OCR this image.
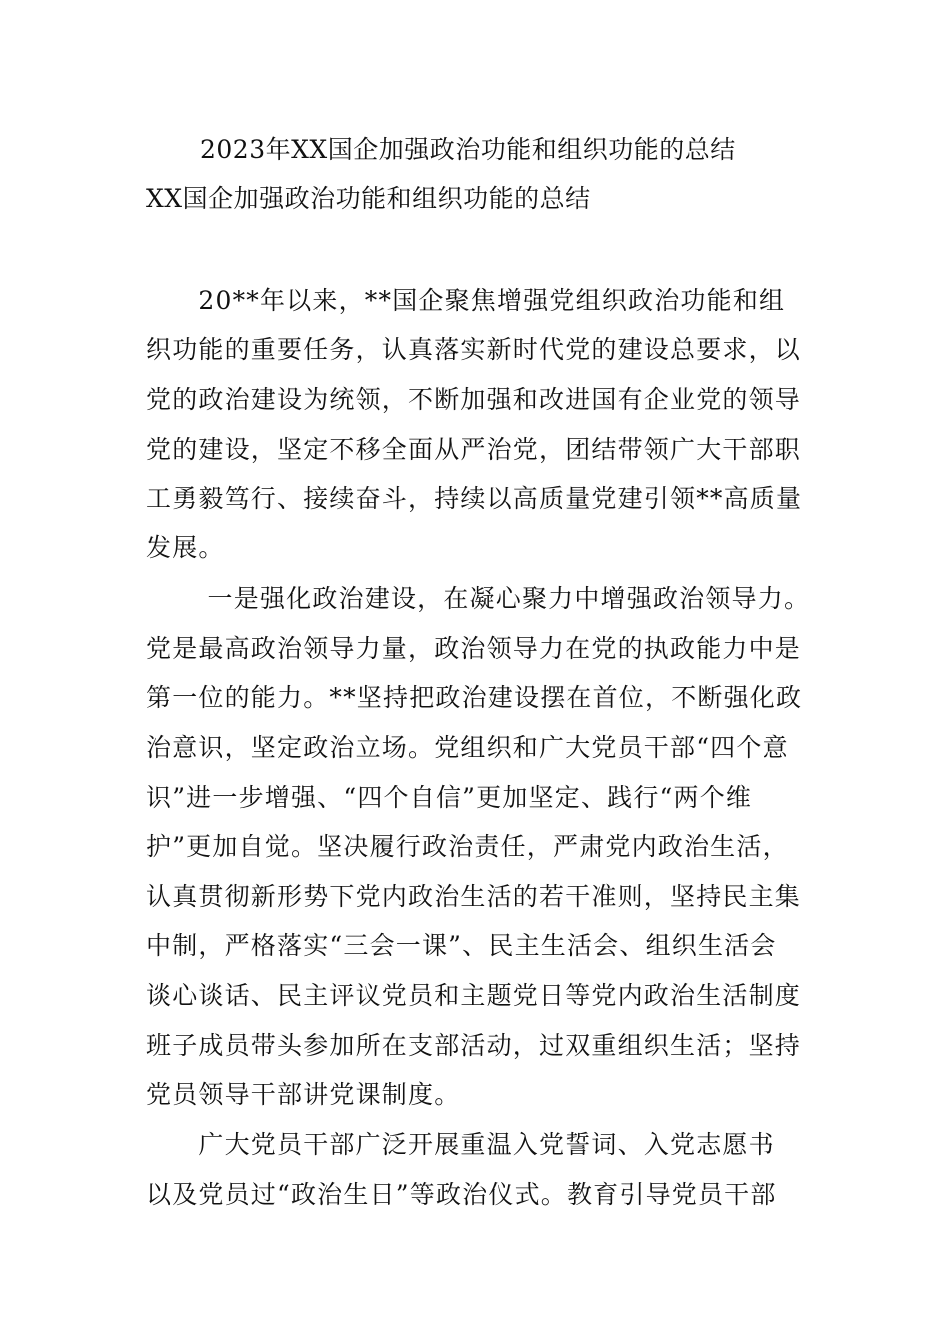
2023年XX国企加强政治功能和组织功能的总结
XX国企加强政治功能和组织功能的总结

　　20**年以来，**国企聚焦增强党组织政治功能和组

织功能的重要任务，认真落实新时代党的建设总要求，以

党的政治建设为统领，不断加强和改进国有企业党的领导

党的建设，坚定不移全面从严治党，团结带领广大干部职

工勇毅笃行、接续奋斗，持续以高质量党建引领**高质量

发展。

　　 一是强化政治建设，在凝心聚力中增强政治领导力。

党是最高政治领导力量，政治领导力在党的执政能力中是

第一位的能力。**坚持把政治建设摆在首位，不断强化政

治意识，坚定政治立场。党组织和广大党员干部“四个意

识”进一步增强、“四个自信”更加坚定、践行“两个维

护”更加自觉。坚决履行政治责任，严肃党内政治生活，

认真贯彻新形势下党内政治生活的若干准则，坚持民主集

中制，严格落实“三会一课”、民主生活会、组织生活会

谈心谈话、民主评议党员和主题党日等党内政治生活制度

班子成员带头参加所在支部活动，过双重组织生活；坚持

党员领导干部讲党课制度。

　　广大党员干部广泛开展重温入党誓词、入党志愿书

以及党员过“政治生日”等政治仪式。教育引导党员干部
